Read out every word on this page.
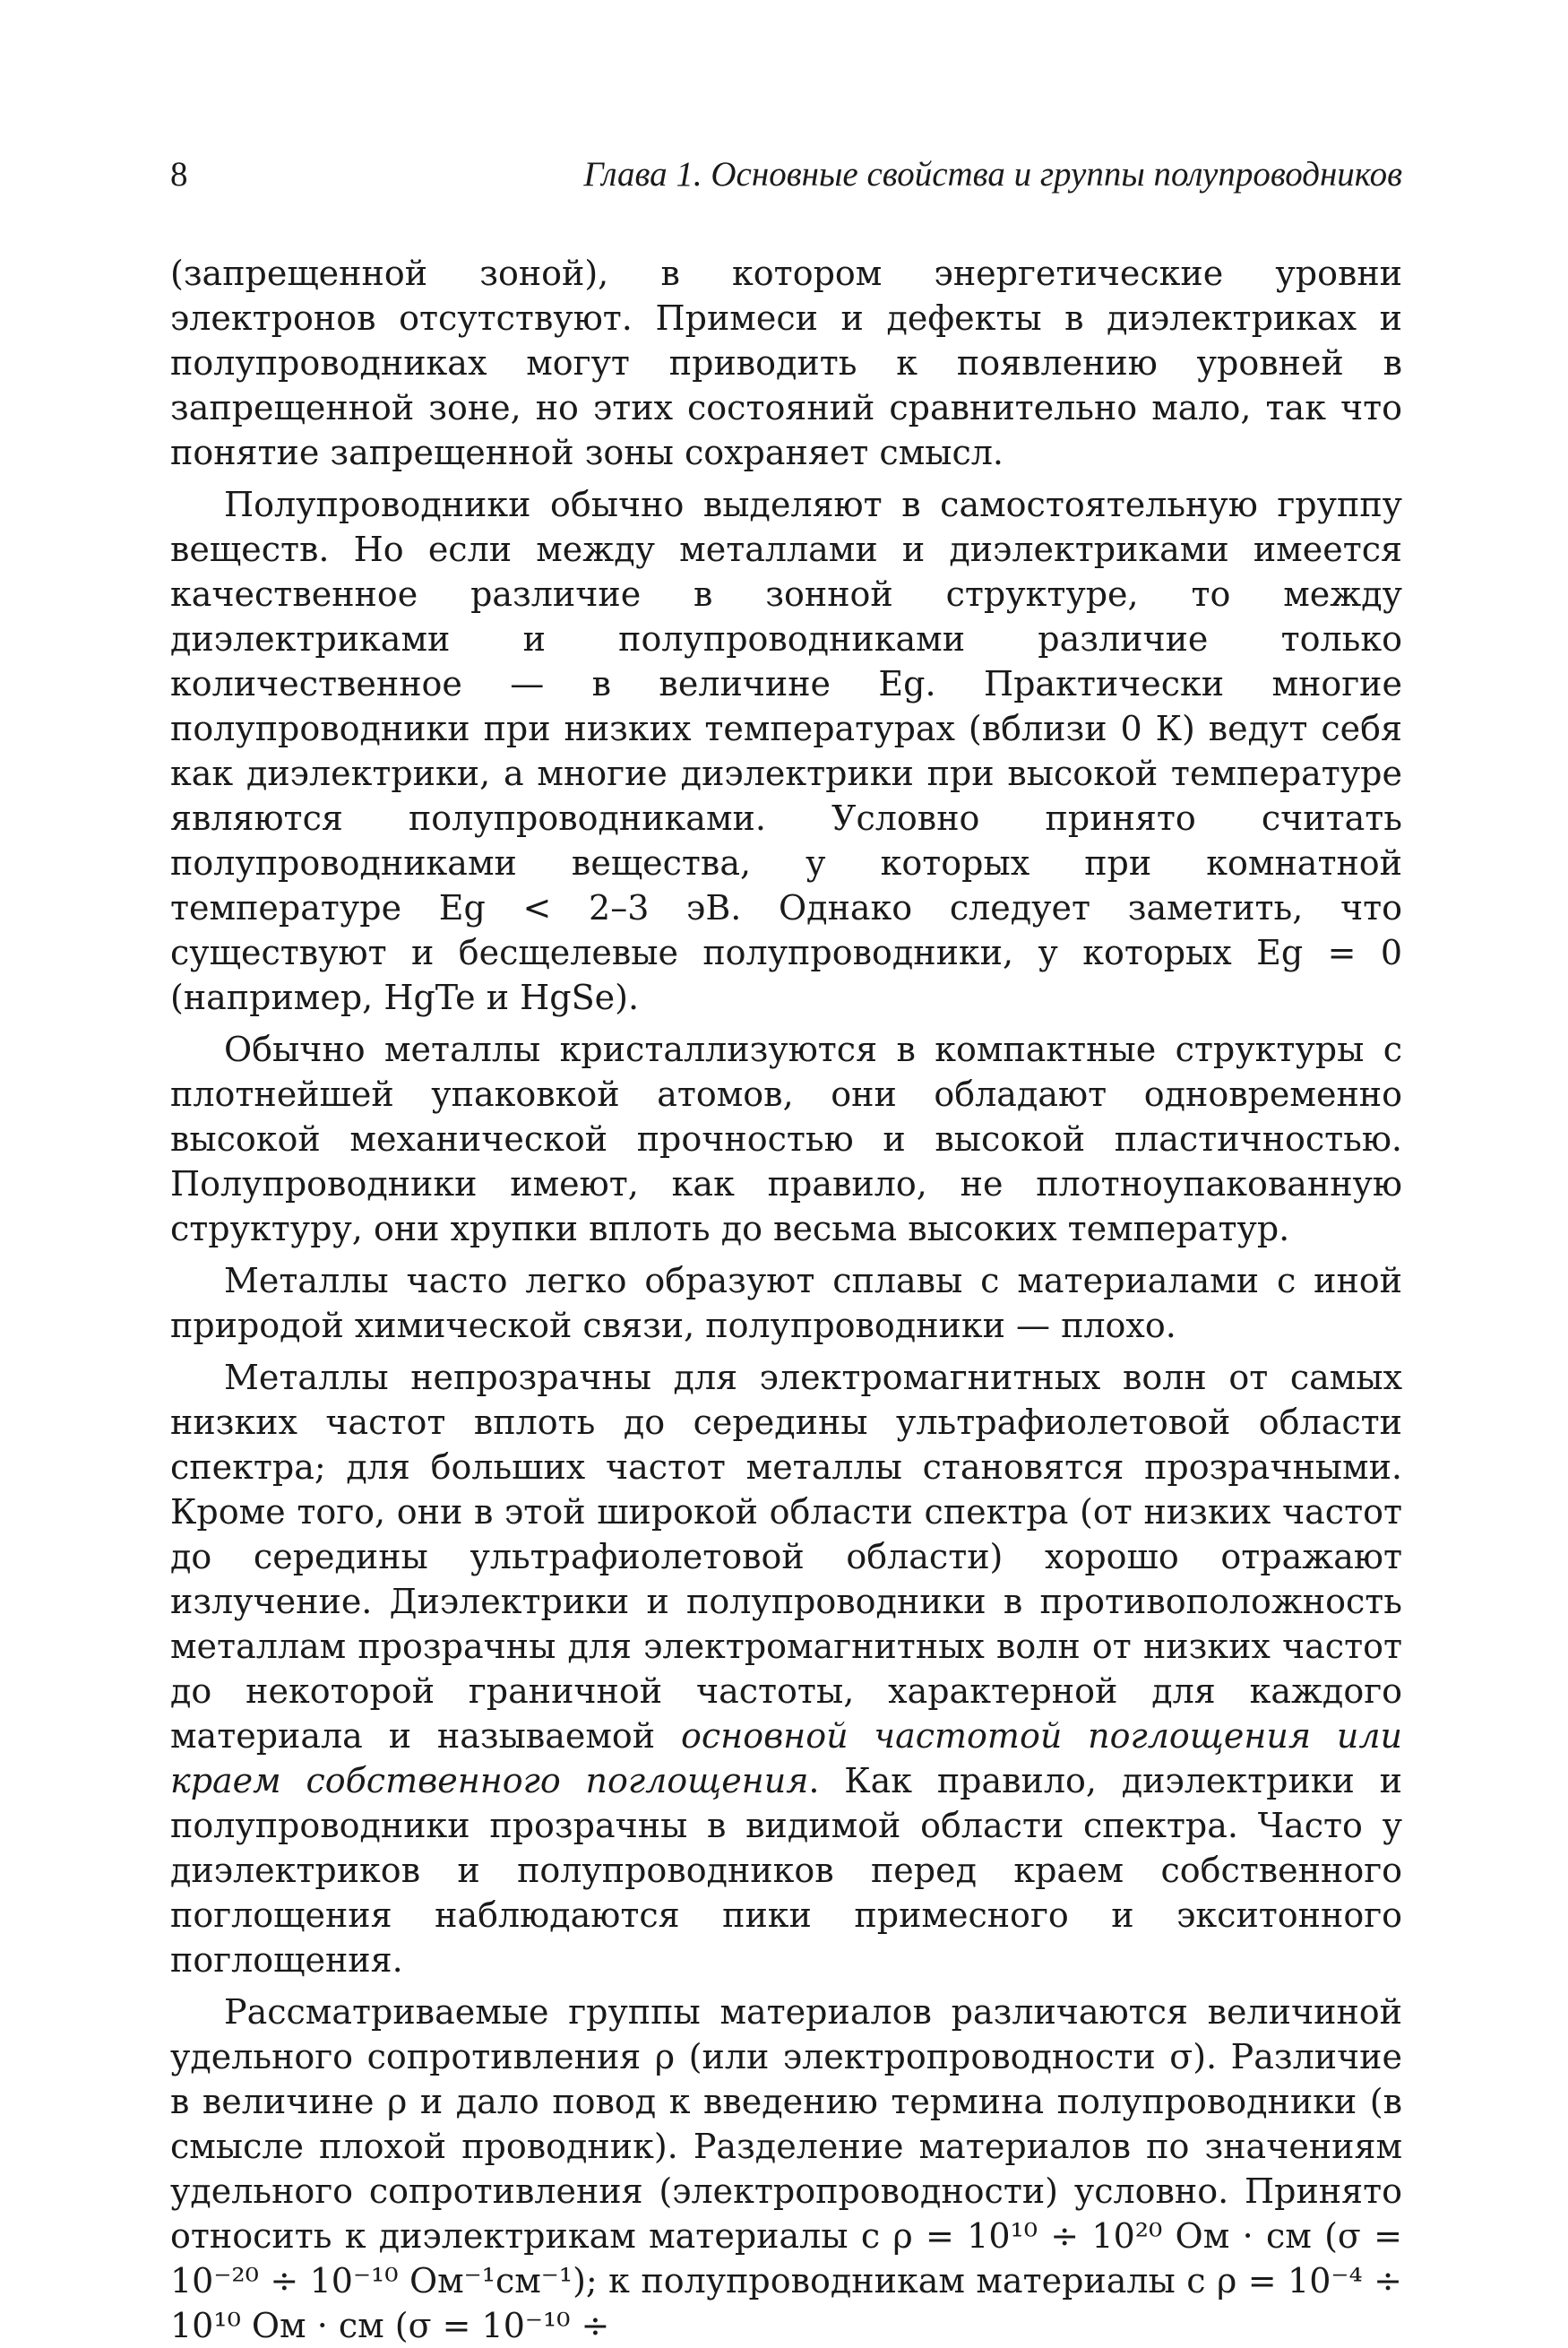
8	Глава 1. Основные свойства и группы полупроводников

(запрещенной зоной), в котором энергетические уровни электронов отсутствуют. Примеси и дефекты в диэлектриках и полупроводниках могут приводить к появлению уровней в запрещенной зоне, но этих состояний сравнительно мало, так что понятие запрещенной зоны сохраняет смысл.

Полупроводники обычно выделяют в самостоятельную группу веществ. Но если между металлами и диэлектриками имеется качественное различие в зонной структуре, то между диэлектриками и полупроводниками различие только количественное — в величине Eg. Практически многие полупроводники при низких температурах (вблизи 0 К) ведут себя как диэлектрики, а многие диэлектрики при высокой температуре являются полупроводниками. Условно принято считать полупроводниками вещества, у которых при комнатной температуре Eg < 2–3 эВ. Однако следует заметить, что существуют и бесщелевые полупроводники, у которых Eg = 0 (например, HgTe и HgSe).

Обычно металлы кристаллизуются в компактные структуры с плотнейшей упаковкой атомов, они обладают одновременно высокой механической прочностью и высокой пластичностью. Полупроводники имеют, как правило, не плотноупакованную структуру, они хрупки вплоть до весьма высоких температур.

Металлы часто легко образуют сплавы с материалами с иной природой химической связи, полупроводники — плохо.

Металлы непрозрачны для электромагнитных волн от самых низких частот вплоть до середины ультрафиолетовой области спектра; для больших частот металлы становятся прозрачными. Кроме того, они в этой широкой области спектра (от низких частот до середины ультрафиолетовой области) хорошо отражают излучение. Диэлектрики и полупроводники в противоположность металлам прозрачны для электромагнитных волн от низких частот до некоторой граничной частоты, характерной для каждого материала и называемой основной частотой поглощения или краем собственного поглощения. Как правило, диэлектрики и полупроводники прозрачны в видимой области спектра. Часто у диэлектриков и полупроводников перед краем собственного поглощения наблюдаются пики примесного и экситонного поглощения.

Рассматриваемые группы материалов различаются величиной удельного сопротивления ρ (или электропроводности σ). Различие в величине ρ и дало повод к введению термина полупроводники (в смысле плохой проводник). Разделение материалов по значениям удельного сопротивления (электропроводности) условно. Принято относить к диэлектрикам материалы с ρ = 10¹⁰ ÷ 10²⁰ Ом · см (σ = 10⁻²⁰ ÷ 10⁻¹⁰ Ом⁻¹см⁻¹); к полупроводникам материалы с ρ = 10⁻⁴ ÷ 10¹⁰ Ом · см (σ = 10⁻¹⁰ ÷
